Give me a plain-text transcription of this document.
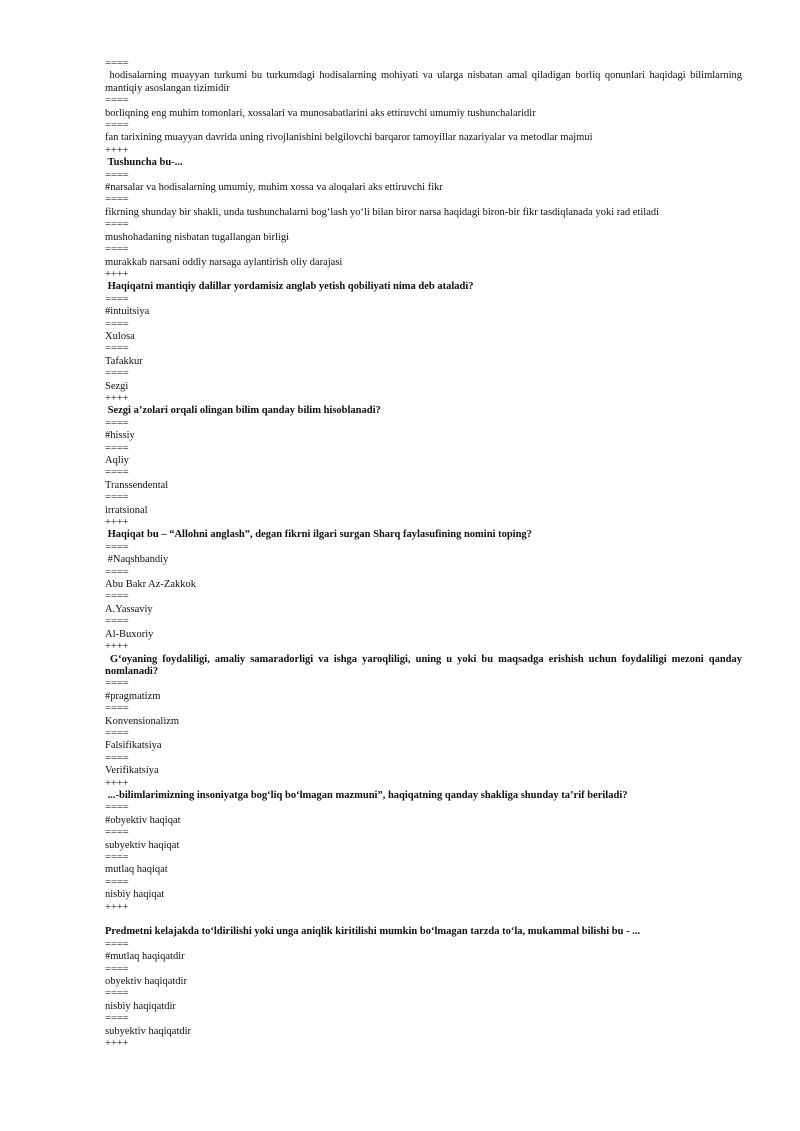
====
hodisalarning muayyan turkumi bu turkumdagi hodisalarning mohiyati va ularga nisbatan amal qiladigan borliq qonunlari haqidagi bilimlarning mantiqiy asoslangan tizimidir
====
borliqning eng muhim tomonlari, xossalari va munosabatlarini aks ettiruvchi umumiy tushunchalaridir
====
fan tarixining muayyan davrida uning rivojlanishini belgilovchi barqaror tamoyillar nazariyalar va metodlar majmui
++++
Tushuncha bu-...
====
#narsalar va hodisalarning umumiy, muhim xossa va aloqalari aks ettiruvchi fikr
====
fikrning shunday bir shakli, unda tushunchalarni bog‘lash yo‘li bilan biror narsa haqidagi biron-bir fikr tasdiqlanada yoki rad etiladi
====
mushohadaning nisbatan tugallangan birligi
====
murakkab narsani oddiy narsaga aylantirish oliy darajasi
++++
Haqiqatni mantiqiy dalillar yordamisiz anglab yetish qobiliyati nima deb ataladi?
====
#intuitsiya
====
Xulosa
====
Tafakkur
====
Sezgi
++++
Sezgi a’zolari orqali olingan bilim qanday bilim hisoblanadi?
====
#hissiy
====
Aqliy
====
Transsendental
====
irratsional
++++
Haqiqat bu – “Allohni anglash”, degan fikrni ilgari surgan Sharq faylasufining nomini toping?
====
#Naqshbandiy
====
Abu Bakr Az-Zakkok
====
A.Yassaviy
====
Al-Buxoriy
++++
G‘oyaning foydaliligi, amaliy samaradorligi va ishga yaroqliligi, uning u yoki bu maqsadga erishish uchun foydaliligi mezoni qanday nomlanadi?
====
#pragmatizm
====
Konvensionalizm
====
Falsifikatsiya
====
Verifikatsiya
++++
...-bilimlarimizning insoniyatga bog‘liq bo‘lmagan mazmuni”, haqiqatning qanday shakliga shunday ta’rif beriladi?
====
#obyektiv haqiqat
====
subyektiv haqiqat
====
mutlaq haqiqat
====
nisbiy haqiqat
++++
Predmetni kelajakda to‘ldirilishi yoki unga aniqlik kiritilishi mumkin bo‘lmagan tarzda to‘la, mukammal bilishi bu - ...
====
#mutlaq haqiqatdir
====
obyektiv haqiqatdir
====
nisbiy haqiqatdir
====
subyektiv haqiqatdir
++++
